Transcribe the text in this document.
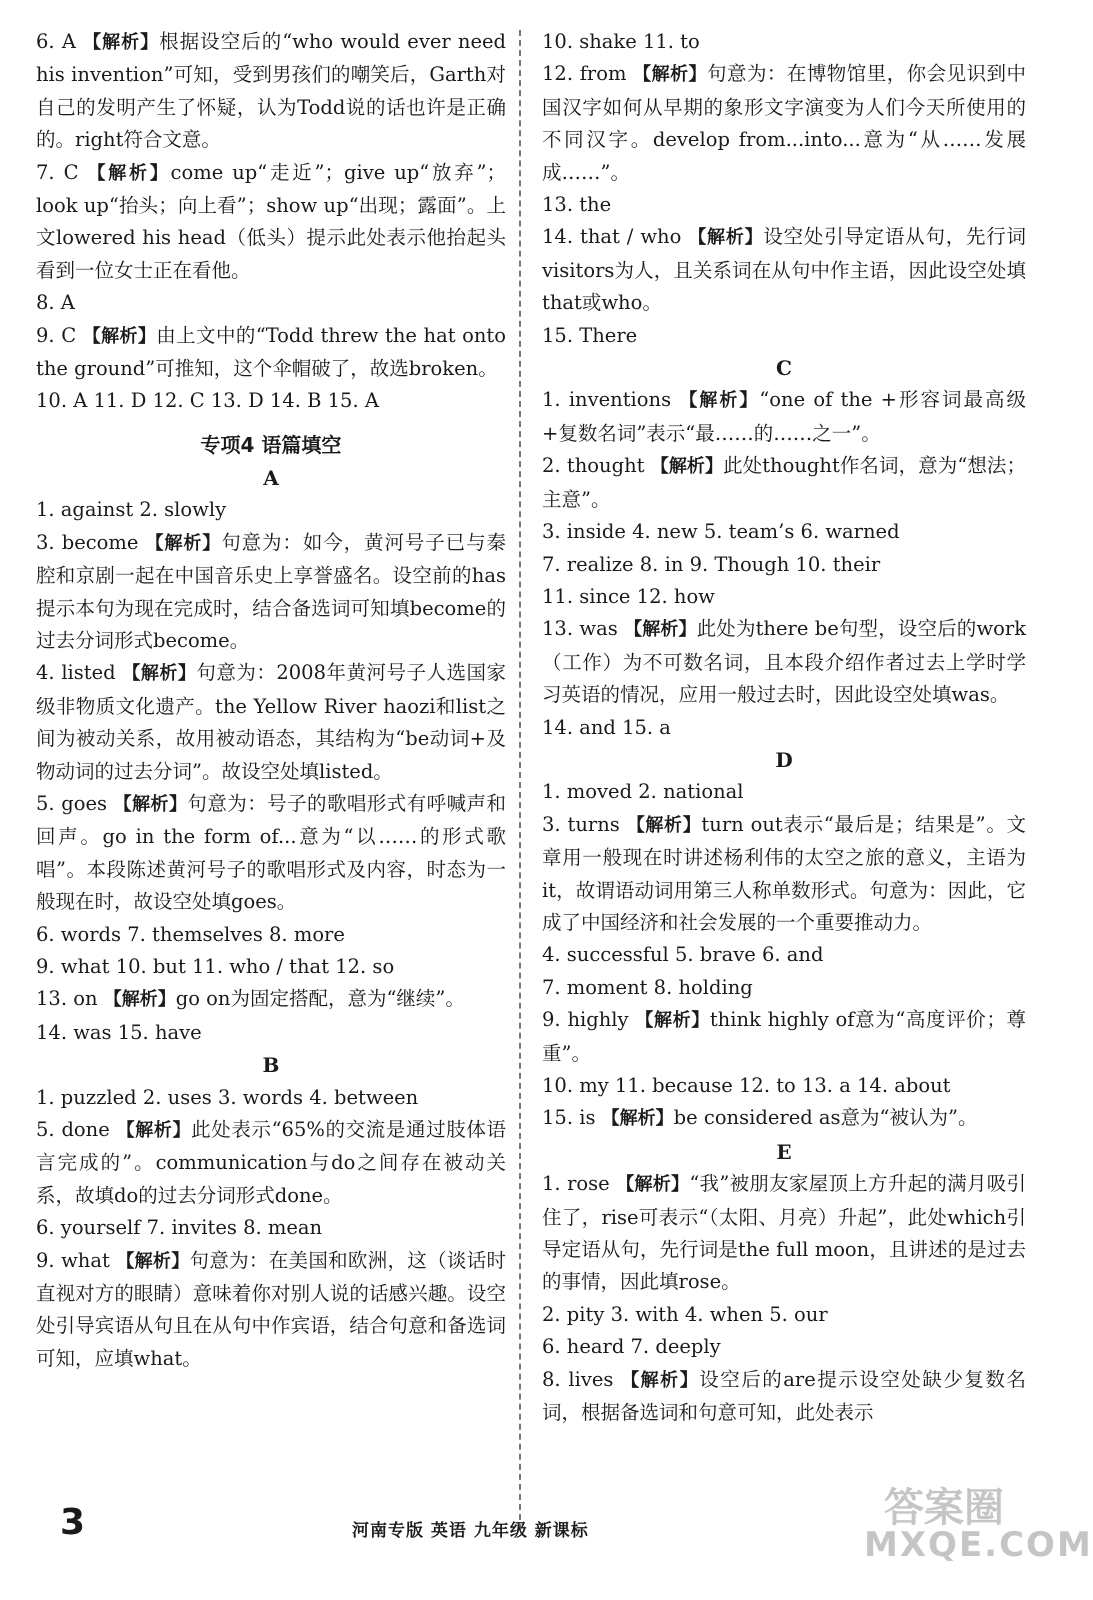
6. A 【解析】根据设空后的“who would ever need his invention”可知，受到男孩们的嘲笑后，Garth对自己的发明产生了怀疑，认为Todd说的话也许是正确的。right符合文意。

7. C 【解析】come up“走近”；give up“放弃”；look up“抬头；向上看”；show up“出现；露面”。上文lowered his head（低头）提示此处表示他抬起头看到一位女士正在看他。

8. A

9. C 【解析】由上文中的“Todd threw the hat onto the ground”可推知，这个伞帽破了，故选broken。

10. A 11. D 12. C 13. D 14. B 15. A

专项4 语篇填空

A

1. against 2. slowly

3. become 【解析】句意为：如今，黄河号子已与秦腔和京剧一起在中国音乐史上享誉盛名。设空前的has提示本句为现在完成时，结合备选词可知填become的过去分词形式become。

4. listed 【解析】句意为：2008年黄河号子人选国家级非物质文化遗产。the Yellow River haozi和list之间为被动关系，故用被动语态，其结构为“be动词+及物动词的过去分词”。故设空处填listed。

5. goes 【解析】句意为：号子的歌唱形式有呼喊声和回声。go in the form of...意为“以……的形式歌唱”。本段陈述黄河号子的歌唱形式及内容，时态为一般现在时，故设空处填goes。

6. words 7. themselves 8. more

9. what 10. but 11. who / that 12. so

13. on 【解析】go on为固定搭配，意为“继续”。

14. was 15. have

B

1. puzzled 2. uses 3. words 4. between

5. done 【解析】此处表示“65%的交流是通过肢体语言完成的”。communication与do之间存在被动关系，故填do的过去分词形式done。

6. yourself 7. invites 8. mean

9. what 【解析】句意为：在美国和欧洲，这（谈话时直视对方的眼睛）意味着你对别人说的话感兴趣。设空处引导宾语从句且在从句中作宾语，结合句意和备选词可知，应填what。

10. shake 11. to

12. from 【解析】句意为：在博物馆里，你会见识到中国汉字如何从早期的象形文字演变为人们今天所使用的不同汉字。develop from...into...意为“从……发展成……”。

13. the

14. that / who 【解析】设空处引导定语从句，先行词visitors为人，且关系词在从句中作主语，因此设空处填that或who。

15. There

C

1. inventions 【解析】“one of the +形容词最高级+复数名词”表示“最……的……之一”。

2. thought 【解析】此处thought作名词，意为“想法；主意”。

3. inside 4. new 5. team’s 6. warned

7. realize 8. in 9. Though 10. their

11. since 12. how

13. was 【解析】此处为there be句型，设空后的work（工作）为不可数名词，且本段介绍作者过去上学时学习英语的情况，应用一般过去时，因此设空处填was。

14. and 15. a

D

1. moved 2. national

3. turns 【解析】turn out表示“最后是；结果是”。文章用一般现在时讲述杨利伟的太空之旅的意义，主语为it，故谓语动词用第三人称单数形式。句意为：因此，它成了中国经济和社会发展的一个重要推动力。

4. successful 5. brave 6. and

7. moment 8. holding

9. highly 【解析】think highly of意为“高度评价；尊重”。

10. my 11. because 12. to 13. a 14. about

15. is 【解析】be considered as意为“被认为”。

E

1. rose 【解析】“我”被朋友家屋顶上方升起的满月吸引住了，rise可表示“（太阳、月亮）升起”，此处which引导定语从句，先行词是the full moon，且讲述的是过去的事情，因此填rose。

2. pity 3. with 4. when 5. our

6. heard 7. deeply

8. lives 【解析】设空后的are提示设空处缺少复数名词，根据备选词和句意可知，此处表示

3	河南专版 英语 九年级 新课标	答案圈
MXQE.COM
